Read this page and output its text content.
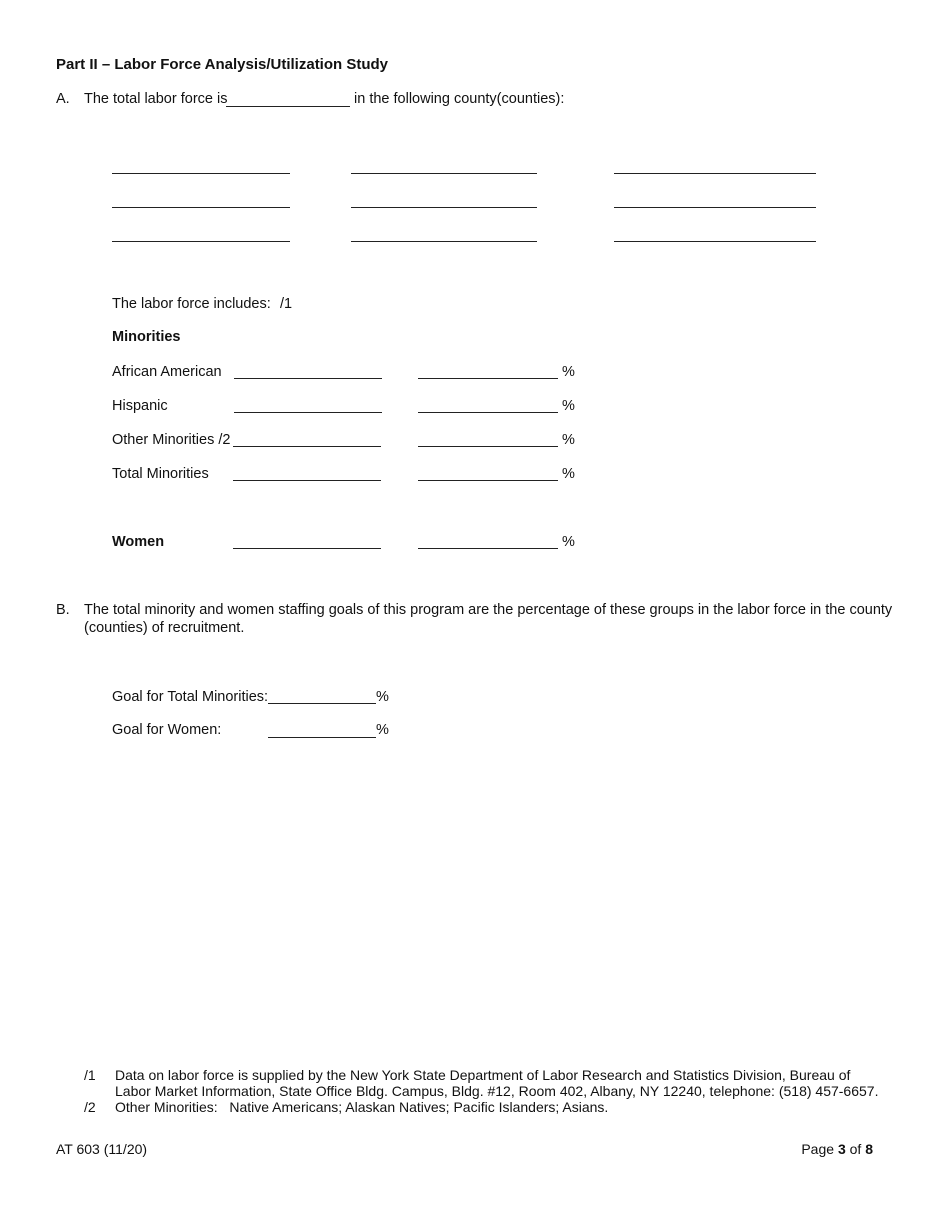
Part II – Labor Force Analysis/Utilization Study
A. The total labor force is	in the following county(counties):
The labor force includes: /1
Minorities
African American	%
Hispanic	%
Other Minorities /2	%
Total Minorities	%
Women	%
B. The total minority and women staffing goals of this program are the percentage of these groups in the labor force in the county
(counties) of recruitment.
Goal for Total Minorities:	%
Goal for Women:	%
/1 Data on labor force is supplied by the New York State Department of Labor Research and Statistics Division, Bureau of
Labor Market Information, State Office Bldg. Campus, Bldg. #12, Room 402, Albany, NY 12240, telephone: (518) 457-6657.
/2 Other Minorities:   Native Americans; Alaskan Natives; Pacific Islanders; Asians.
AT 603 (11/20)	Page 3 of 8
